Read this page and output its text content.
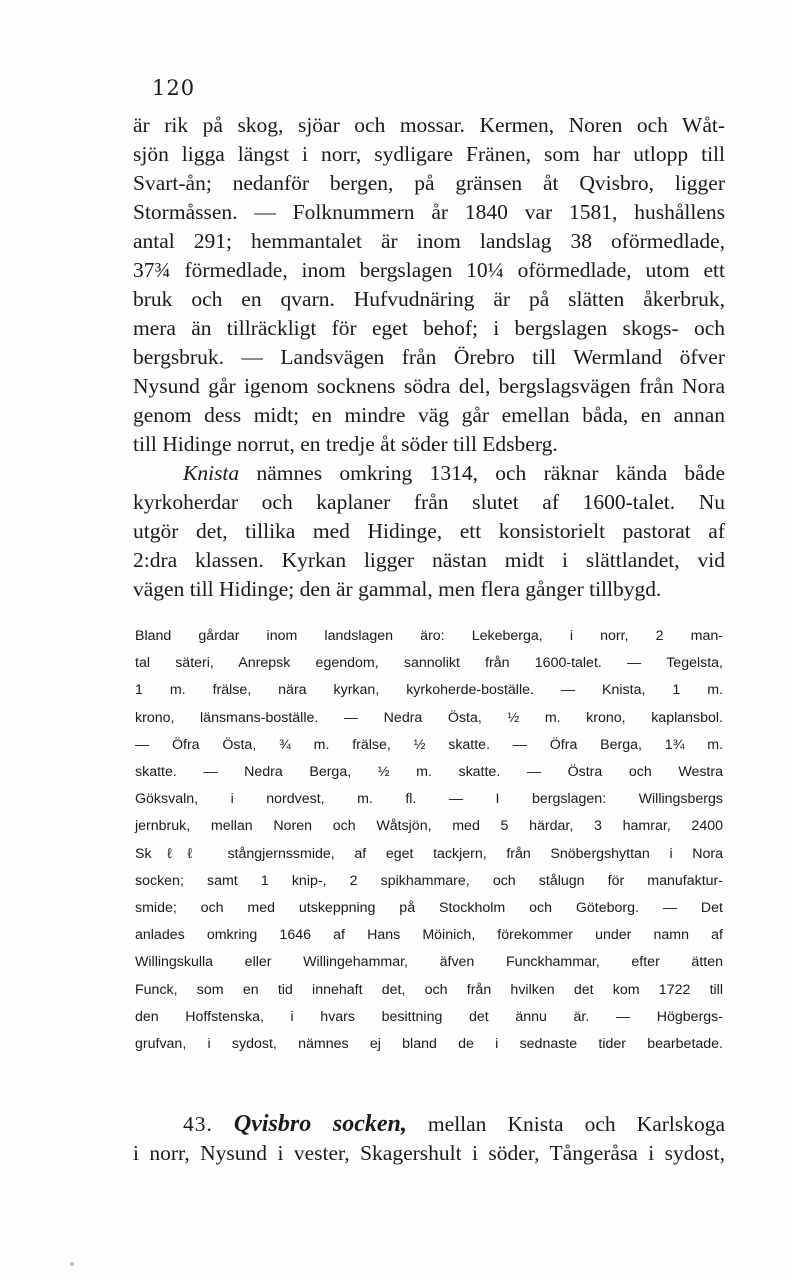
120
är rik på skog, sjöar och mossar. Kermen, Noren och Wåt-
sjön ligga längst i norr, sydligare Fränen, som har utlopp till
Svart-ån; nedanför bergen, på gränsen åt Qvisbro, ligger
Stormåssen. — Folknummern år 1840 var 1581, hushållens
antal 291; hemmantalet är inom landslag 38 oförmedlade,
37¾ förmedlade, inom bergslagen 10¼ oförmedlade, utom ett
bruk och en qvarn. Hufvudnäring är på slätten åkerbruk,
mera än tillräckligt för eget behof; i bergslagen skogs- och
bergsbruk. — Landsvägen från Örebro till Wermland öfver
Nysund går igenom socknens södra del, bergslagsvägen från Nora
genom dess midt; en mindre väg går emellan båda, en annan
till Hidinge norrut, en tredje åt söder till Edsberg.
Knista nämnes omkring 1314, och räknar kända både
kyrkoherdar och kaplaner från slutet af 1600-talet. Nu
utgör det, tillika med Hidinge, ett konsistorielt pastorat af
2:dra klassen. Kyrkan ligger nästan midt i slättlandet, vid
vägen till Hidinge; den är gammal, men flera gånger tillbygd.
Bland gårdar inom landslagen äro: Lekeberga, i norr, 2 man-
tal säteri, Anrepsk egendom, sannolikt från 1600-talet. — Tegelsta,
1 m. frälse, nära kyrkan, kyrkoherde-boställe. — Knista, 1 m.
krono, länsmans-boställe. — Nedra Östa, ½ m. krono, kaplansbol.
— Öfra Östa, ¾ m. frälse, ½ skatte. — Öfra Berga, 1¾ m.
skatte. — Nedra Berga, ½ m. skatte. — Östra och Westra
Göksvaln, i nordvest, m. fl. — I bergslagen: Willingsbergs
jernbruk, mellan Noren och Wåtsjön, med 5 härdar, 3 hamrar, 2400
Skℓℓ stångjernssmide, af eget tackjern, från Snöbergshyttan i Nora
socken; samt 1 knip-, 2 spikhammare, och stålugn för manufaktur-
smide; och med utskeppning på Stockholm och Göteborg. — Det
anlades omkring 1646 af Hans Möinich, förekommer under namn af
Willingskulla eller Willingehammar, äfven Funckhammar, efter ätten
Funck, som en tid innehaft det, och från hvilken det kom 1722 till
den Hoffstenska, i hvars besittning det ännu är. — Högbergs-
grufvan, i sydost, nämnes ej bland de i sednaste tider bearbetade.
43. Qvisbro socken, mellan Knista och Karlskoga
i norr, Nysund i vester, Skagershult i söder, Tångeråsa i sydost,
